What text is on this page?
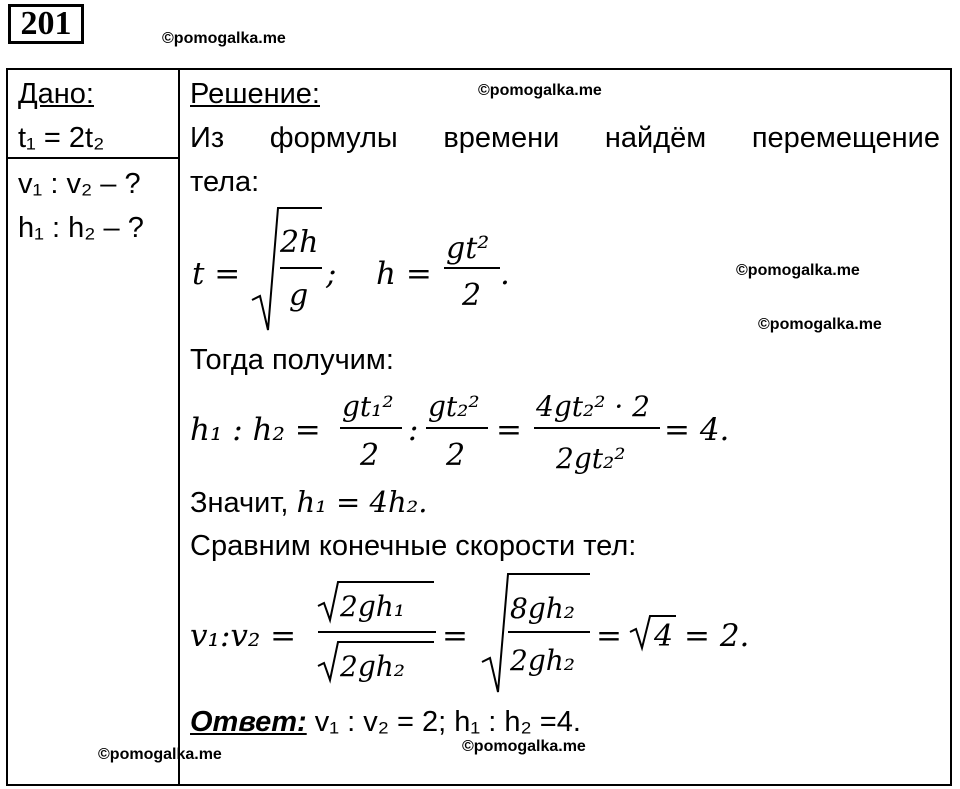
201	©pomogalka.me
Дано:
t₁ = 2t₂
v₁ : v₂ – ?
h₁ : h₂ – ?
Решение:	©pomogalka.me
Из формулы времени найдём перемещение
тела:
©pomogalka.me
©pomogalka.me
Тогда получим:
Значит, h₁ = 4h₂.
Сравним конечные скорости тел:
Ответ: v₁ : v₂ = 2; h₁ : h₂ =4.
©pomogalka.me	©pomogalka.me
t =
2h
g
; h =
gt²
2
.
h₁ : h₂ =
gt₁²
2
:
gt₂²
2
=
4gt₂² · 2
2gt₂²
= 4.
v₁:v₂ =
2gh₁
2gh₂
=
8gh₂
2gh₂
= 4 = 2.
